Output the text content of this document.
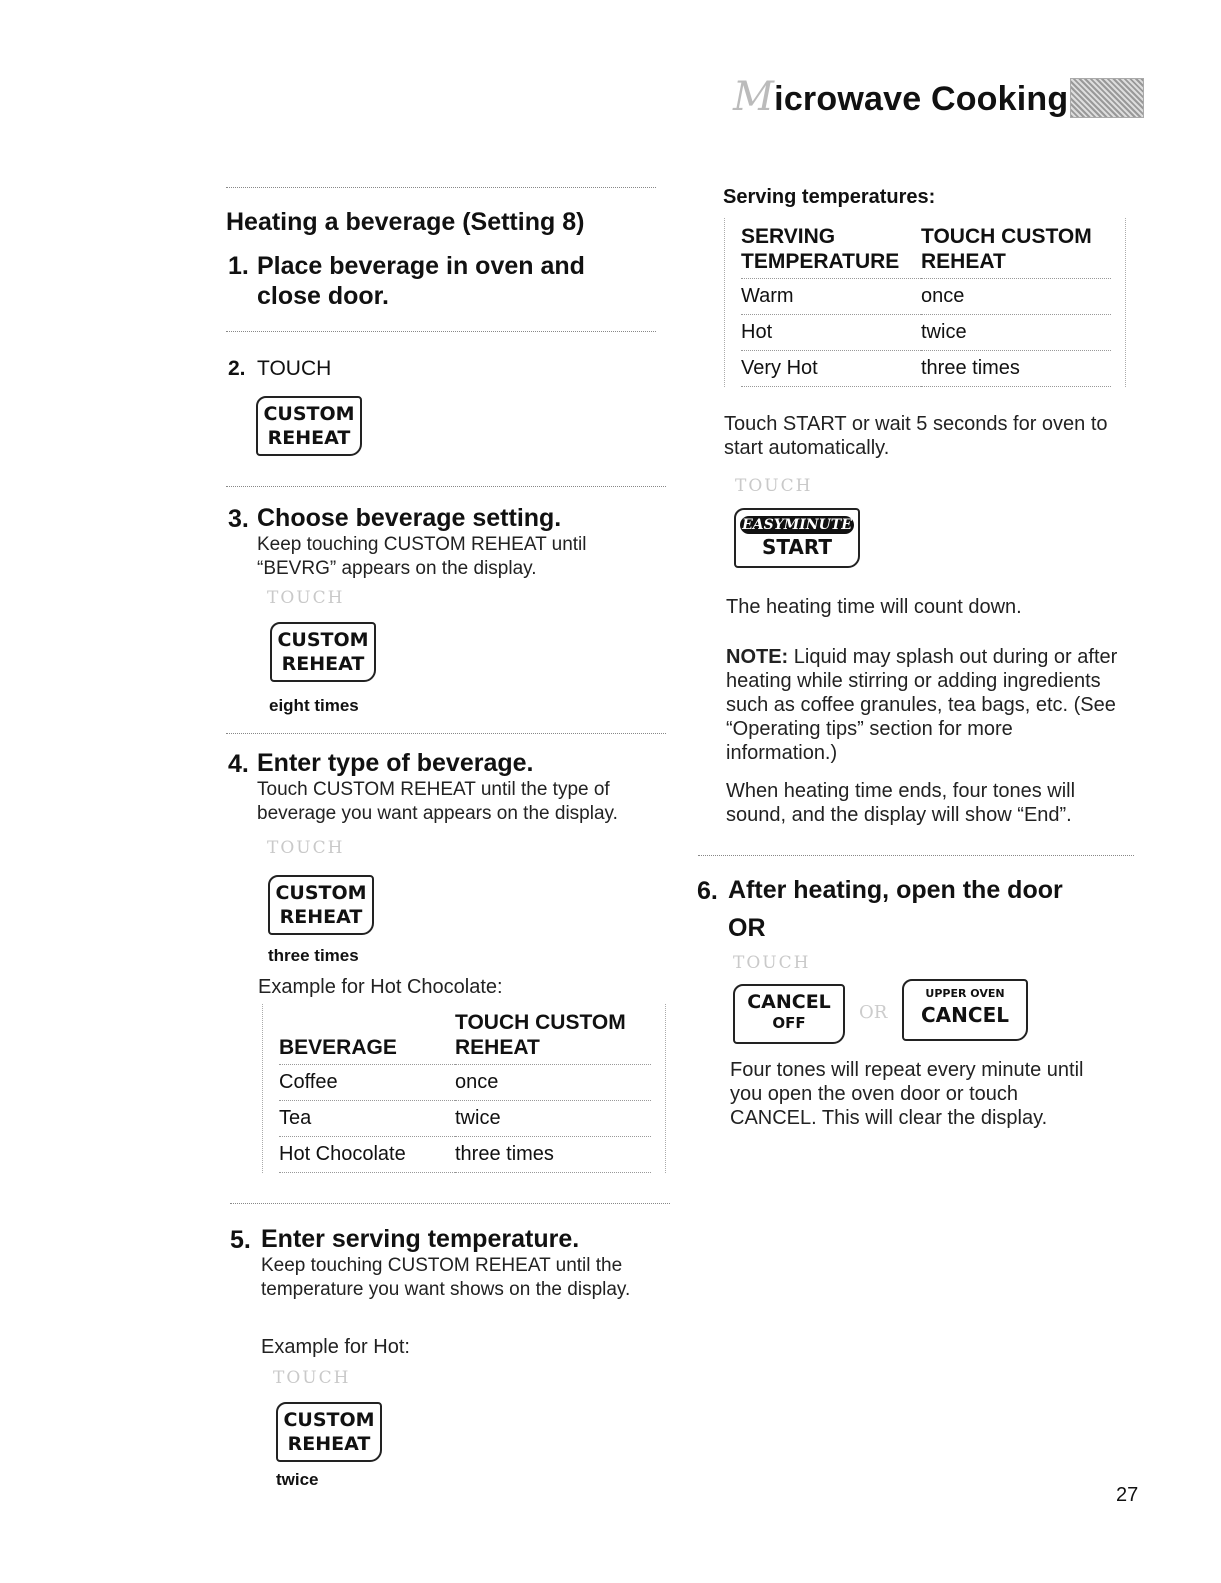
Microwave Cooking
Heating a beverage (Setting 8)
1. Place beverage in oven and
close door.
2. TOUCH
CUSTOM
REHEAT
3. Choose beverage setting.
Keep touching CUSTOM REHEAT until “BEVRG” appears on the display.
TOUCH
CUSTOM
REHEAT
eight times
4. Enter type of beverage.
Touch CUSTOM REHEAT until the type of beverage you want appears on the display.
TOUCH
CUSTOM
REHEAT
three times
Example for Hot Chocolate:
BEVERAGE	TOUCH CUSTOM REHEAT
Coffee	once
Tea	twice
Hot Chocolate	three times
5. Enter serving temperature.
Keep touching CUSTOM REHEAT until the temperature you want shows on the display.
Example for Hot:
TOUCH
CUSTOM
REHEAT
twice
Serving temperatures:
SERVING TEMPERATURE	TOUCH CUSTOM REHEAT
Warm	once
Hot	twice
Very Hot	three times
Touch START or wait 5 seconds for oven to start automatically.
TOUCH
EASYMINUTE
START
The heating time will count down.
NOTE: Liquid may splash out during or after heating while stirring or adding ingredients such as coffee granules, tea bags, etc. (See “Operating tips” section for more information.)
When heating time ends, four tones will sound, and the display will show “End”.
6. After heating, open the door
OR
TOUCH
CANCEL
OFF	OR
UPPER OVEN
CANCEL
Four tones will repeat every minute until you open the oven door or touch CANCEL. This will clear the display.
27
